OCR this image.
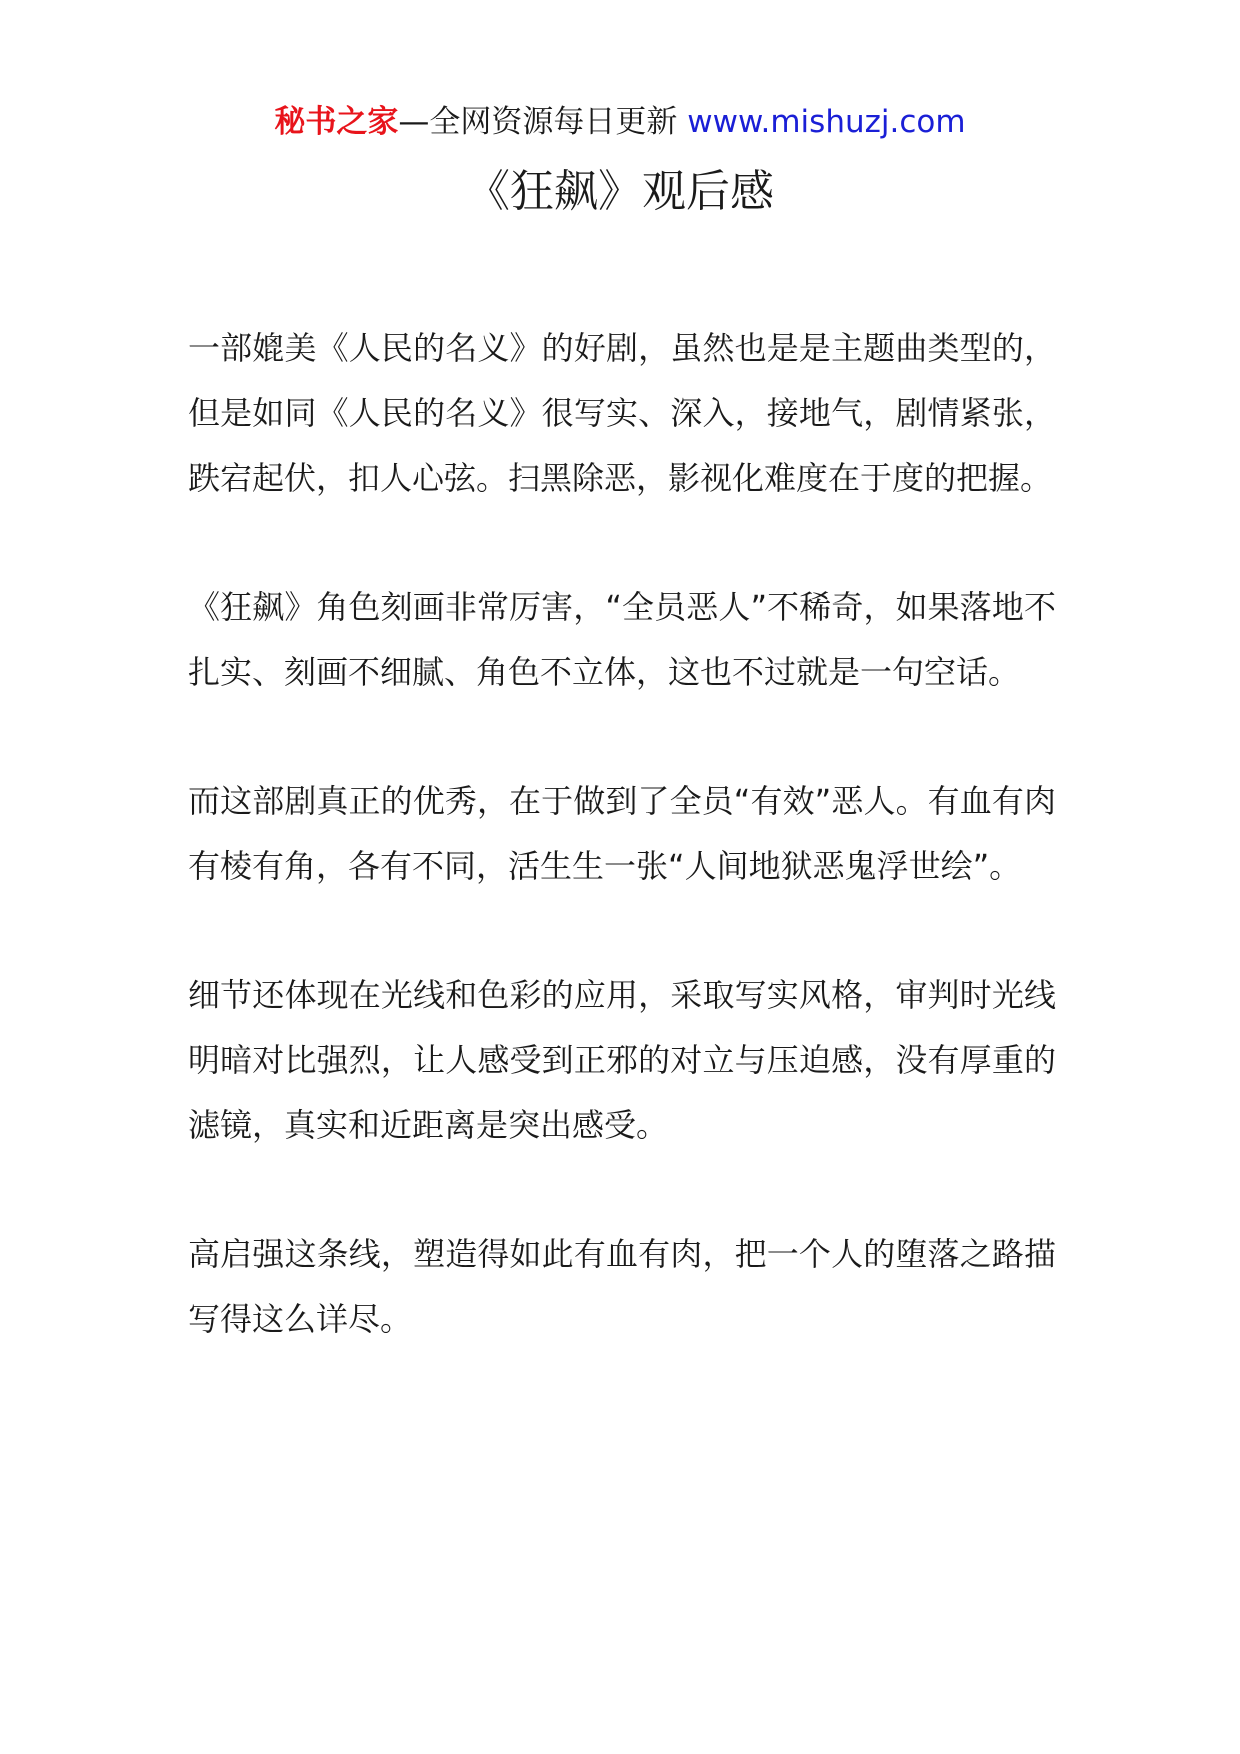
秘书之家—全网资源每日更新 www.mishuzj.com
《狂飙》观后感

一部媲美《人民的名义》的好剧，虽然也是是主题曲类型的，但是如同《人民的名义》很写实、深入，接地气，剧情紧张，跌宕起伏，扣人心弦。扫黑除恶，影视化难度在于度的把握。

《狂飙》角色刻画非常厉害，“全员恶人”不稀奇，如果落地不扎实、刻画不细腻、角色不立体，这也不过就是一句空话。

而这部剧真正的优秀，在于做到了全员“有效”恶人。有血有肉有棱有角，各有不同，活生生一张“人间地狱恶鬼浮世绘”。

细节还体现在光线和色彩的应用，采取写实风格，审判时光线明暗对比强烈，让人感受到正邪的对立与压迫感，没有厚重的滤镜，真实和近距离是突出感受。

高启强这条线，塑造得如此有血有肉，把一个人的堕落之路描写得这么详尽。
